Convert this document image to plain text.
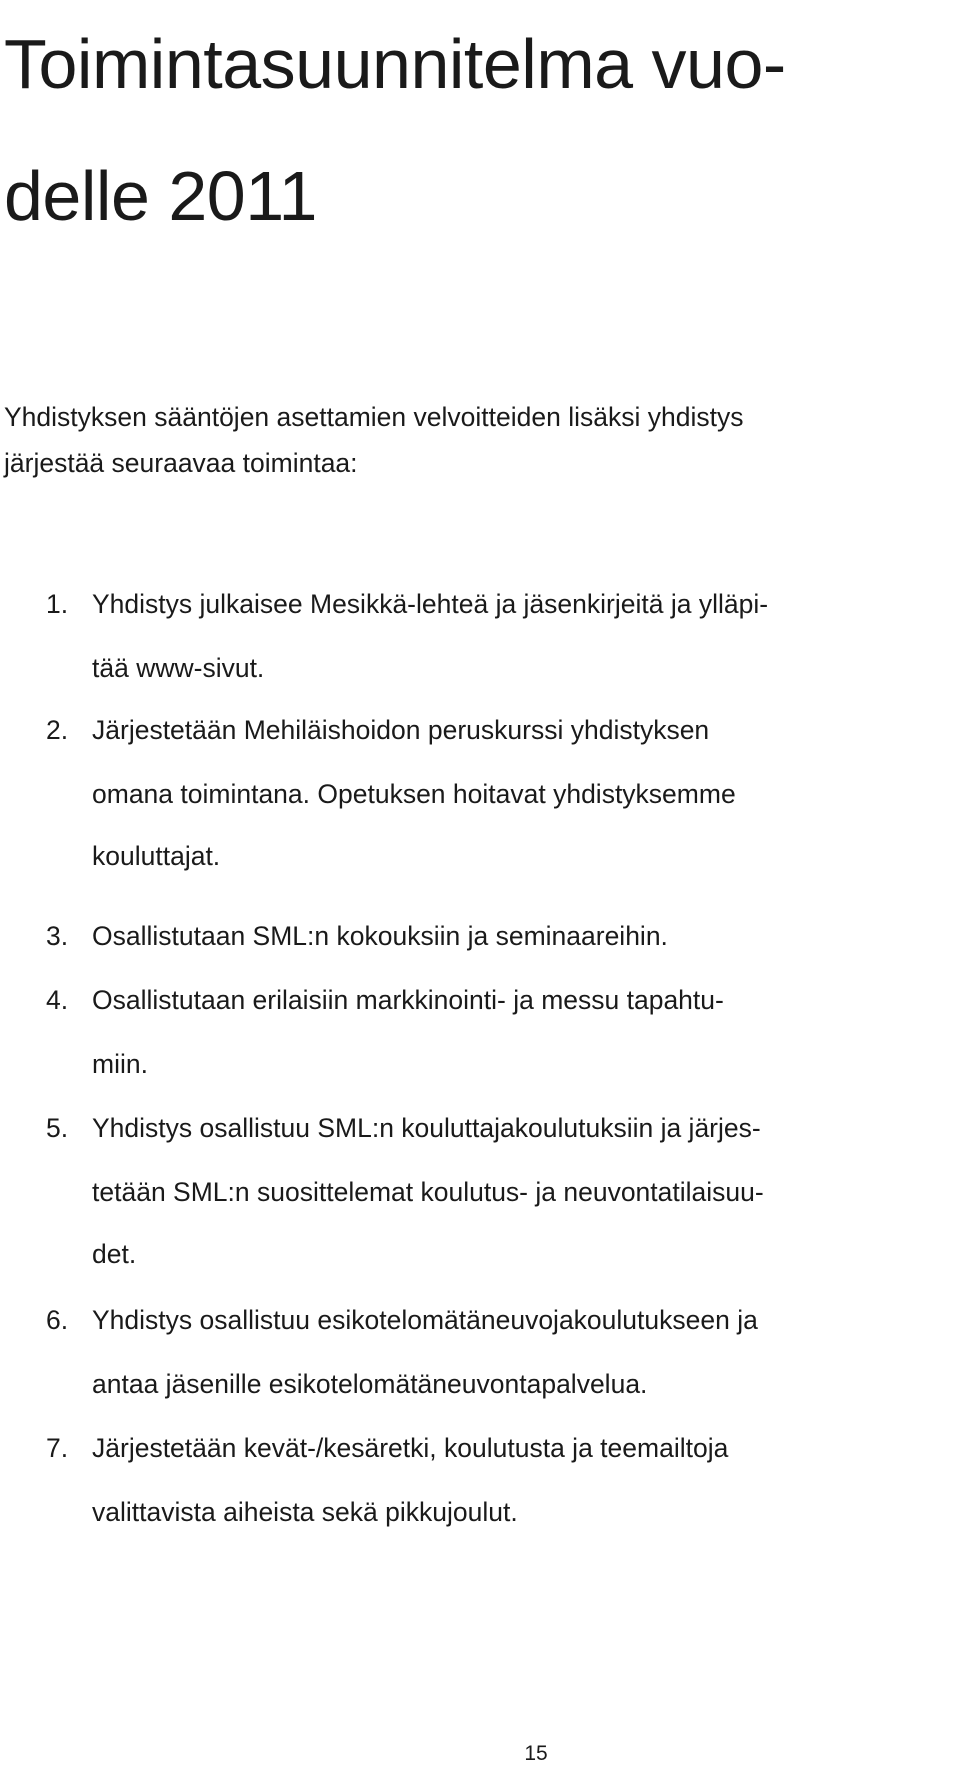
Toimintasuunnitelma vuo-
delle 2011

Yhdistyksen sääntöjen asettamien velvoitteiden lisäksi yhdistys
järjestää seuraavaa toimintaa:

1. Yhdistys julkaisee Mesikkä-lehteä ja jäsenkirjeitä ja ylläpi-
tää www-sivut.
2. Järjestetään Mehiläishoidon peruskurssi yhdistyksen
omana toimintana. Opetuksen hoitavat yhdistyksemme
kouluttajat.
3. Osallistutaan SML:n kokouksiin ja seminaareihin.
4. Osallistutaan erilaisiin markkinointi- ja messu tapahtu-
miin.
5. Yhdistys osallistuu SML:n kouluttajakoulutuksiin ja järjes-
tetään SML:n suosittelemat koulutus- ja neuvontatilaisuu-
det.
6. Yhdistys osallistuu esikotelomätäneuvojakoulutukseen ja
antaa jäsenille esikotelomätäneuvontapalvelua.
7. Järjestetään kevät-/kesäretki, koulutusta ja teemailtoja
valittavista aiheista sekä pikkujoulut.
15
